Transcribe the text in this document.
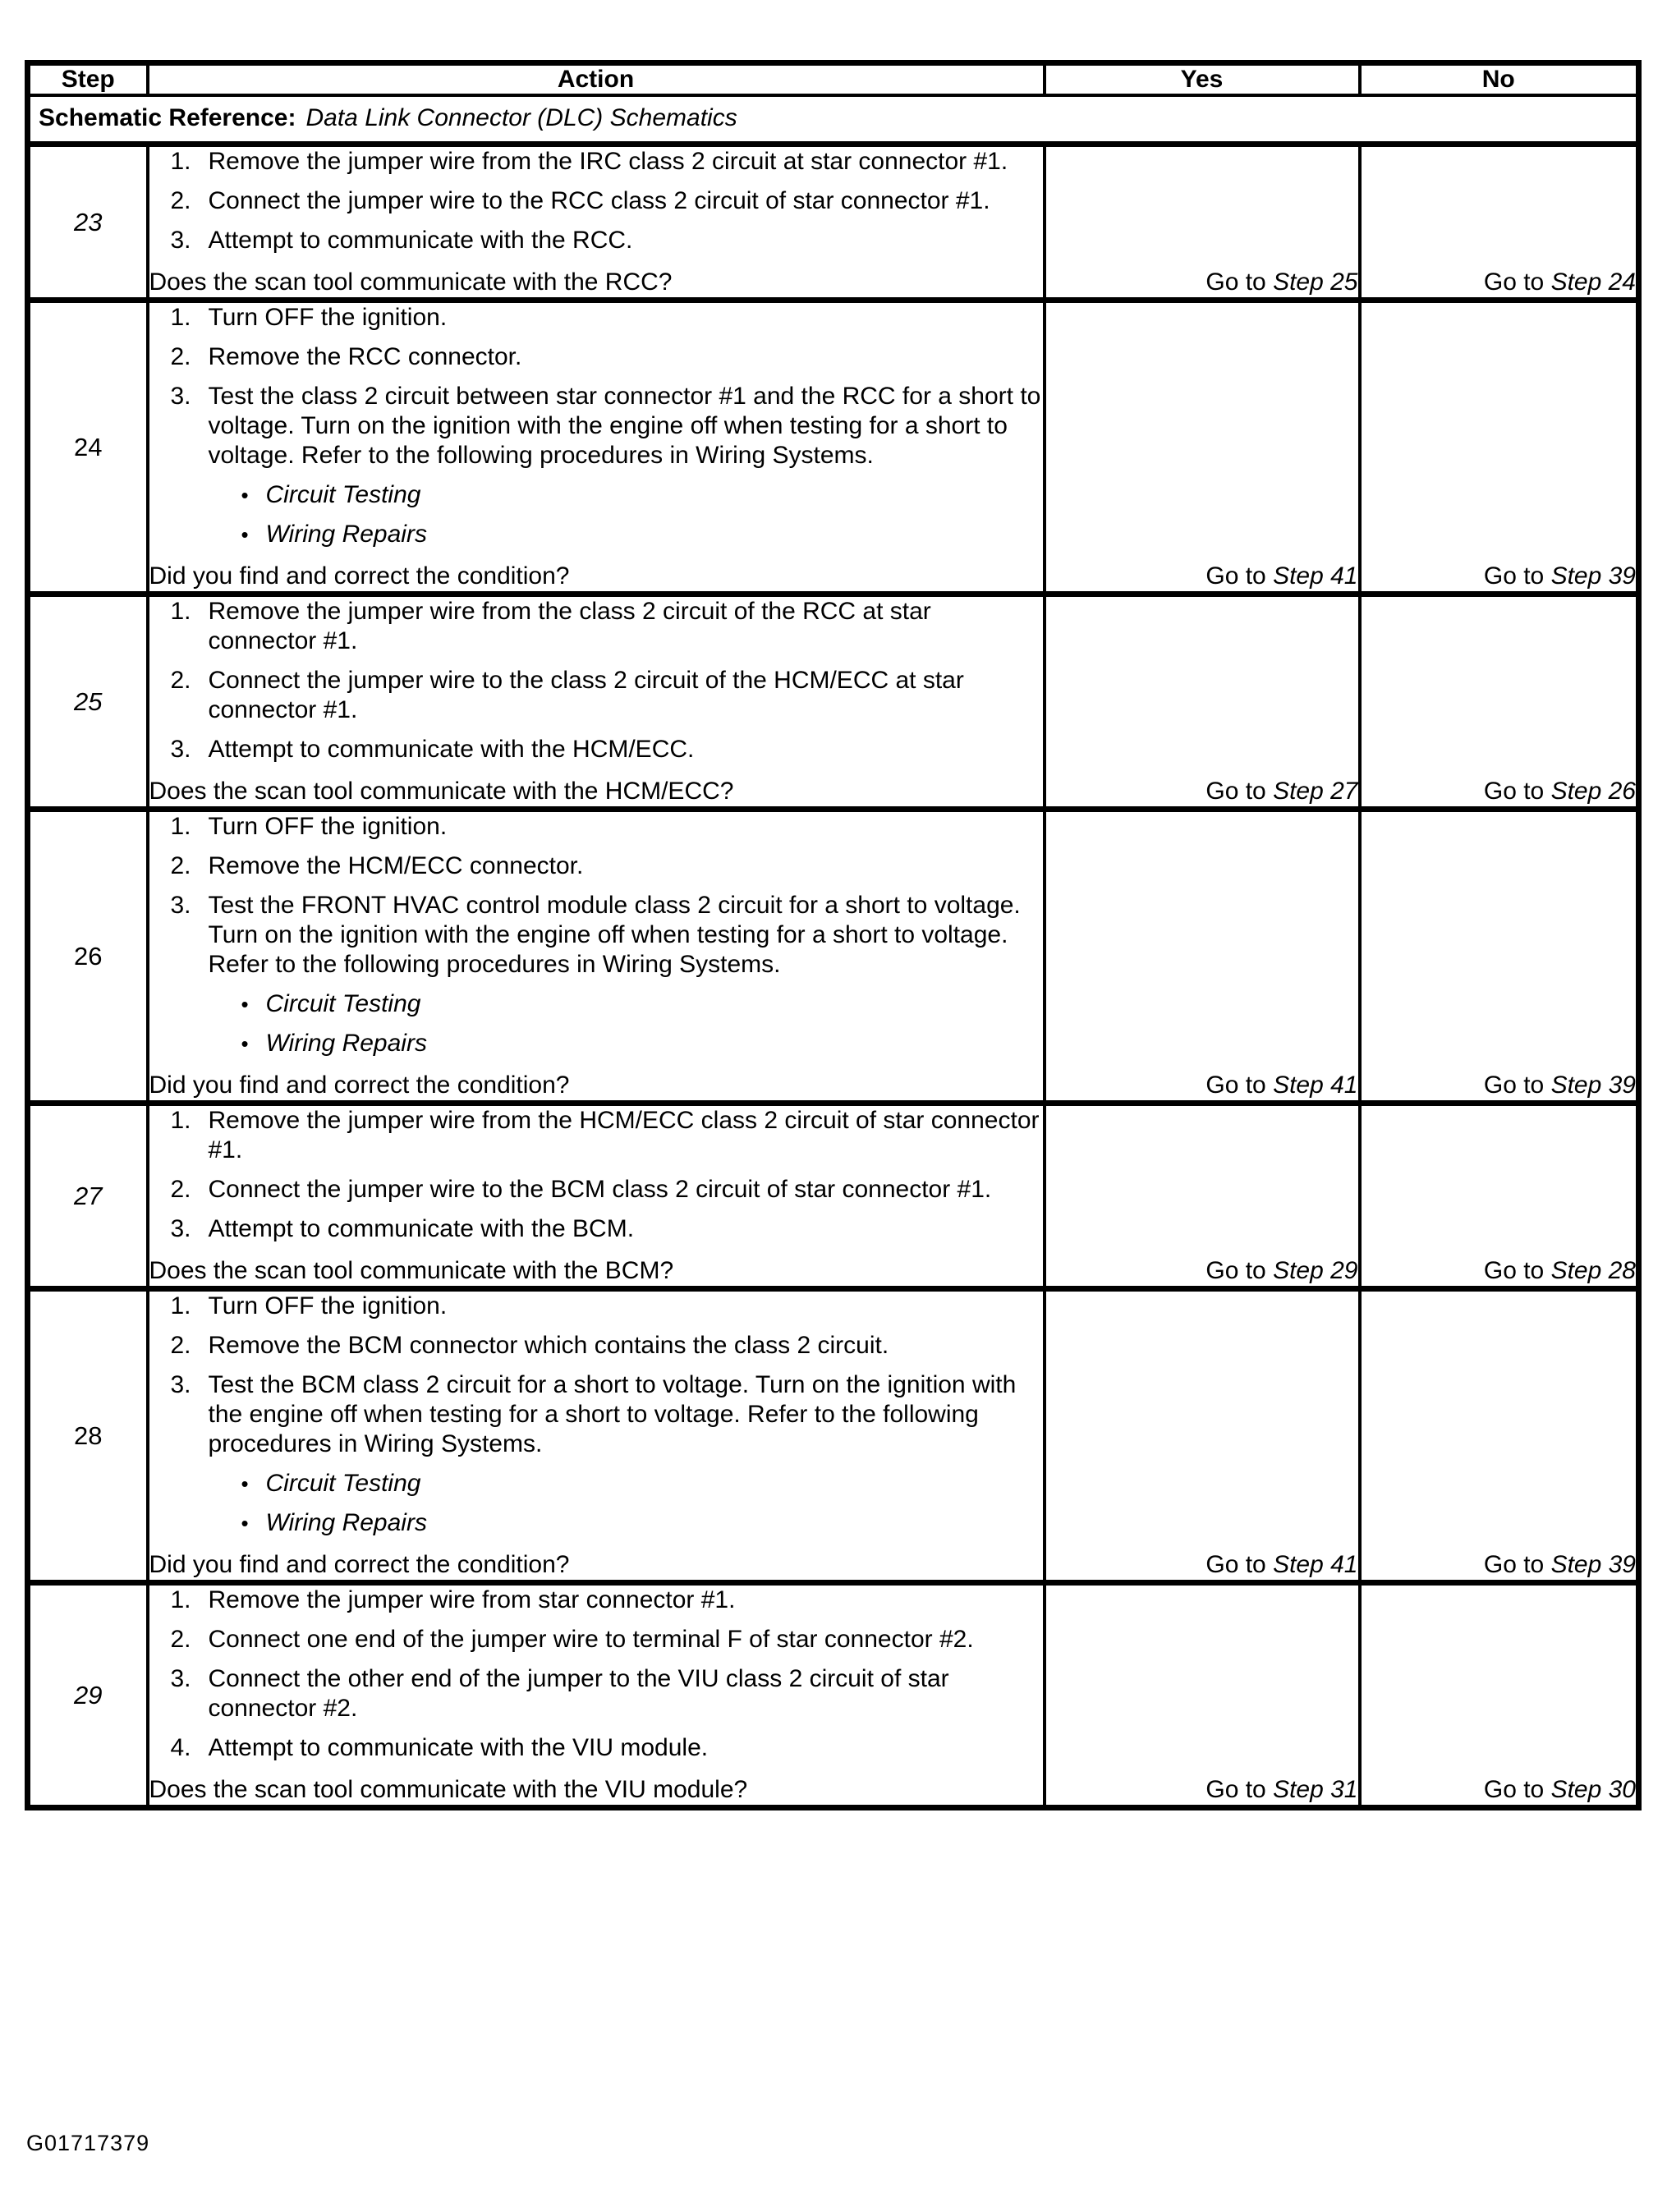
Step	Action	Yes	No
Schematic Reference: Data Link Connector (DLC) Schematics			
23	
1. Remove the jumper wire from the IRC class 2 circuit at star connector #1.
2. Connect the jumper wire to the RCC class 2 circuit of star connector #1.
3. Attempt to communicate with the RCC.
Does the scan tool communicate with the RCC?	Go to Step 25	Go to Step 24
24	
1. Turn OFF the ignition.
2. Remove the RCC connector.
3. Test the class 2 circuit between star connector #1 and the RCC for a short to voltage. Turn on the ignition with the engine off when testing for a short to voltage. Refer to the following procedures in Wiring Systems.
• Circuit Testing
• Wiring Repairs
Did you find and correct the condition?	Go to Step 41	Go to Step 39
25	
1. Remove the jumper wire from the class 2 circuit of the RCC at star connector #1.
2. Connect the jumper wire to the class 2 circuit of the HCM/ECC at star connector #1.
3. Attempt to communicate with the HCM/ECC.
Does the scan tool communicate with the HCM/ECC?	Go to Step 27	Go to Step 26
26	
1. Turn OFF the ignition.
2. Remove the HCM/ECC connector.
3. Test the FRONT HVAC control module class 2 circuit for a short to voltage. Turn on the ignition with the engine off when testing for a short to voltage. Refer to the following procedures in Wiring Systems.
• Circuit Testing
• Wiring Repairs
Did you find and correct the condition?	Go to Step 41	Go to Step 39
27	
1. Remove the jumper wire from the HCM/ECC class 2 circuit of star connector #1.
2. Connect the jumper wire to the BCM class 2 circuit of star connector #1.
3. Attempt to communicate with the BCM.
Does the scan tool communicate with the BCM?	Go to Step 29	Go to Step 28
28	
1. Turn OFF the ignition.
2. Remove the BCM connector which contains the class 2 circuit.
3. Test the BCM class 2 circuit for a short to voltage. Turn on the ignition with the engine off when testing for a short to voltage. Refer to the following procedures in Wiring Systems.
• Circuit Testing
• Wiring Repairs
Did you find and correct the condition?	Go to Step 41	Go to Step 39
29	
1. Remove the jumper wire from star connector #1.
2. Connect one end of the jumper wire to terminal F of star connector #2.
3. Connect the other end of the jumper to the VIU class 2 circuit of star connector #2.
4. Attempt to communicate with the VIU module.
Does the scan tool communicate with the VIU module?	Go to Step 31	Go to Step 30
G01717379
